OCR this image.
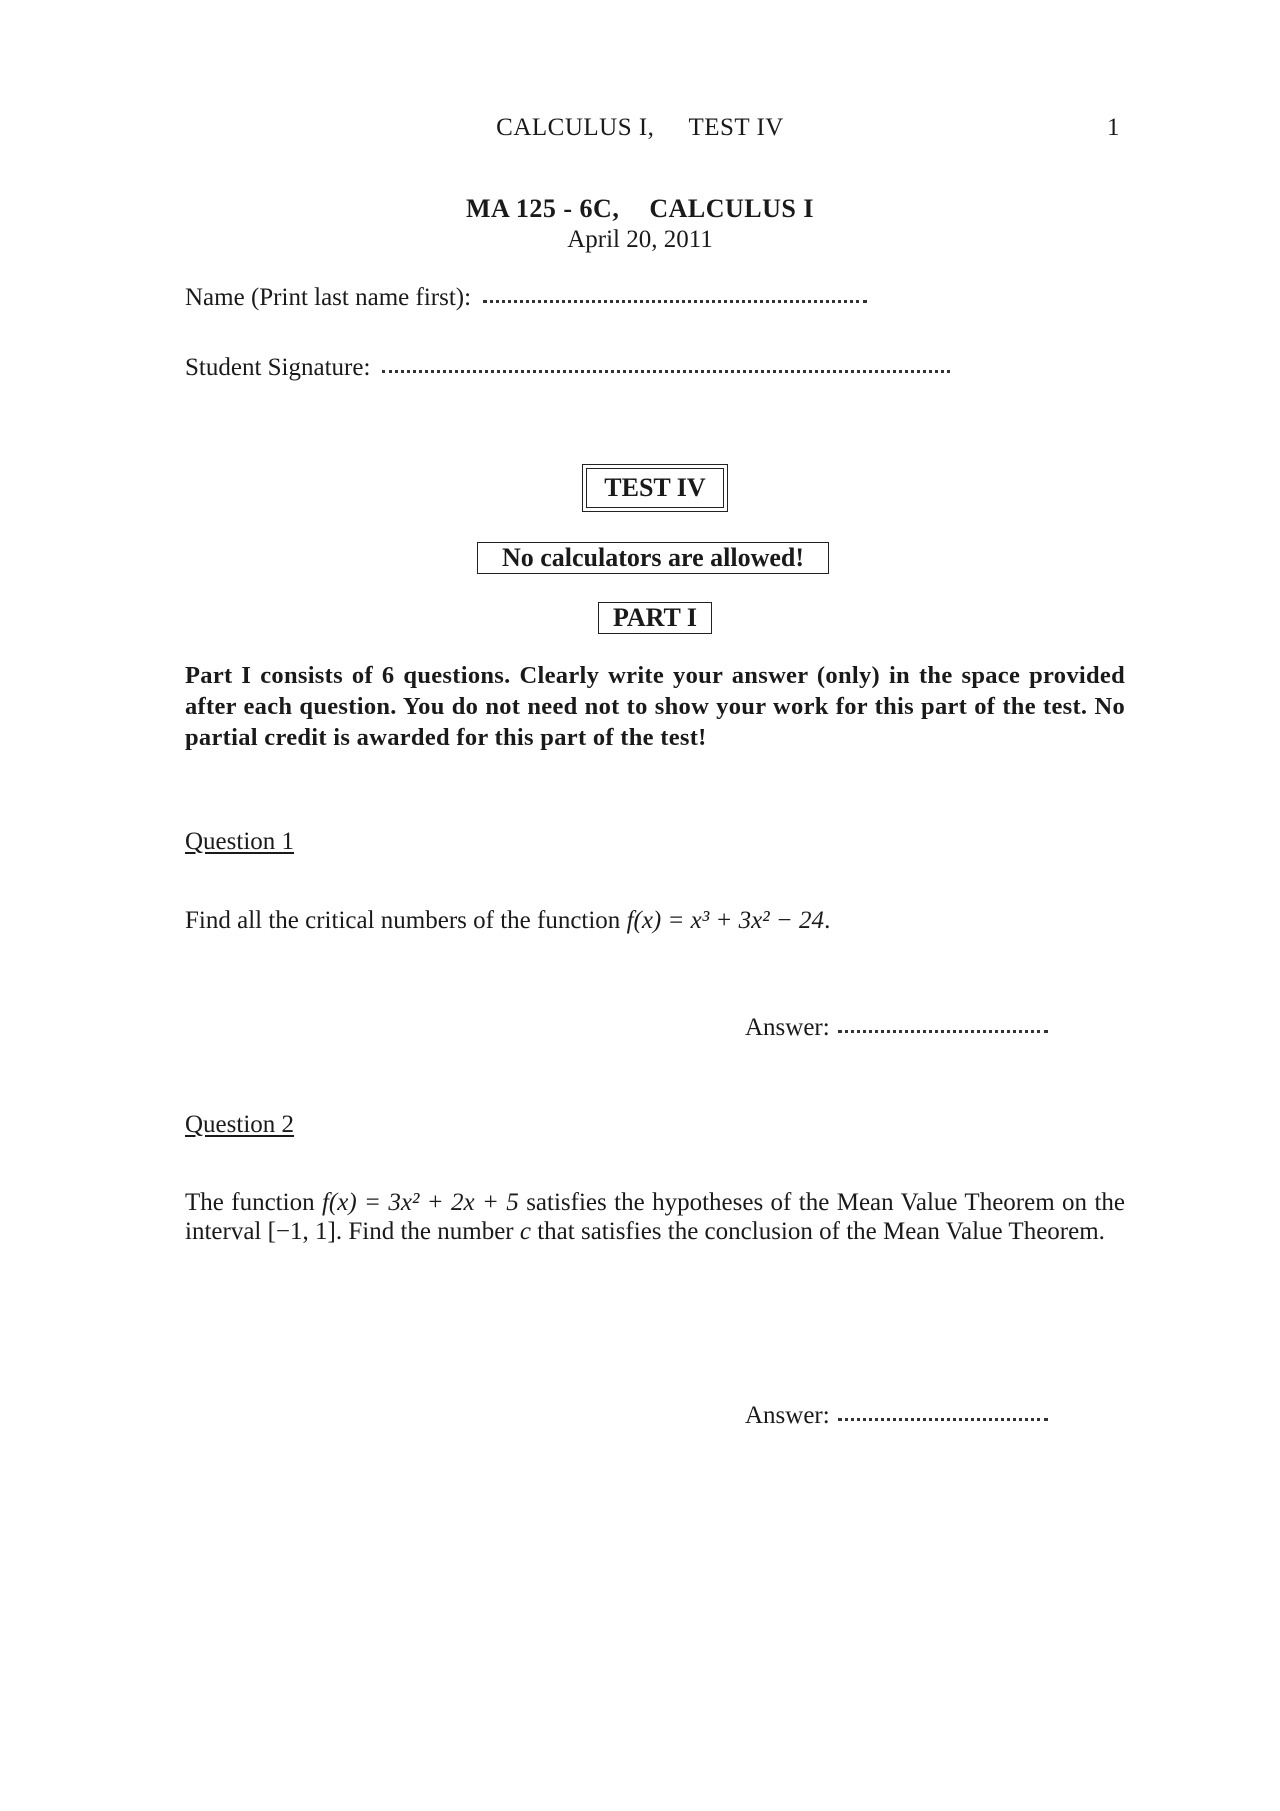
CALCULUS I, TEST IV	1
MA 125 - 6C, CALCULUS I
April 20, 2011
Name (Print last name first):
Student Signature:
TEST IV
No calculators are allowed!
PART I
Part I consists of 6 questions. Clearly write your answer (only) in the space provided after each question. You do not need not to show your work for this part of the test. No partial credit is awarded for this part of the test!
Question 1
Find all the critical numbers of the function f(x) = x³ + 3x² − 24.
Answer:
Question 2
The function f(x) = 3x² + 2x + 5 satisfies the hypotheses of the Mean Value Theorem on the interval [−1, 1]. Find the number c that satisfies the conclusion of the Mean Value Theorem.
Answer:
